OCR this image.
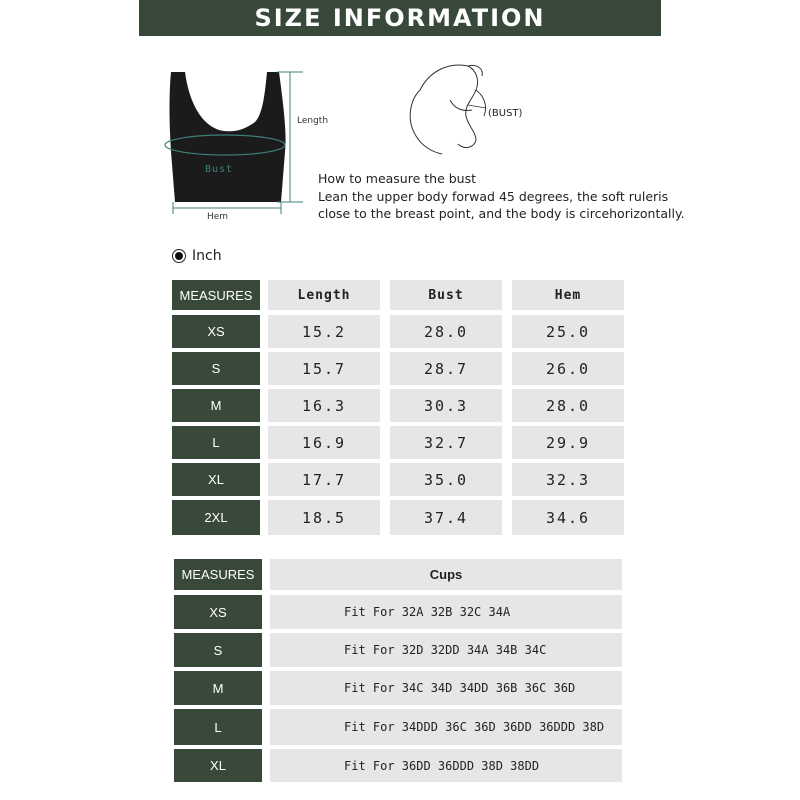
SIZE INFORMATION
Length
Bust
Hem
(BUST)
How to measure the bust
Lean the upper body forwad 45 degrees, the soft ruleris
close to the breast point, and the body is circehorizontally.
Inch
MEASURES	Length	Bust	Hem
XS	15.2	28.0	25.0
S	15.7	28.7	26.0
M	16.3	30.3	28.0
L	16.9	32.7	29.9
XL	17.7	35.0	32.3
2XL	18.5	37.4	34.6
MEASURES	Cups
XS	Fit For 32A 32B 32C 34A
S	Fit For 32D 32DD 34A 34B 34C
M	Fit For 34C 34D 34DD 36B 36C 36D
L	Fit For 34DDD 36C 36D 36DD 36DDD 38D
XL	Fit For 36DD 36DDD 38D 38DD
